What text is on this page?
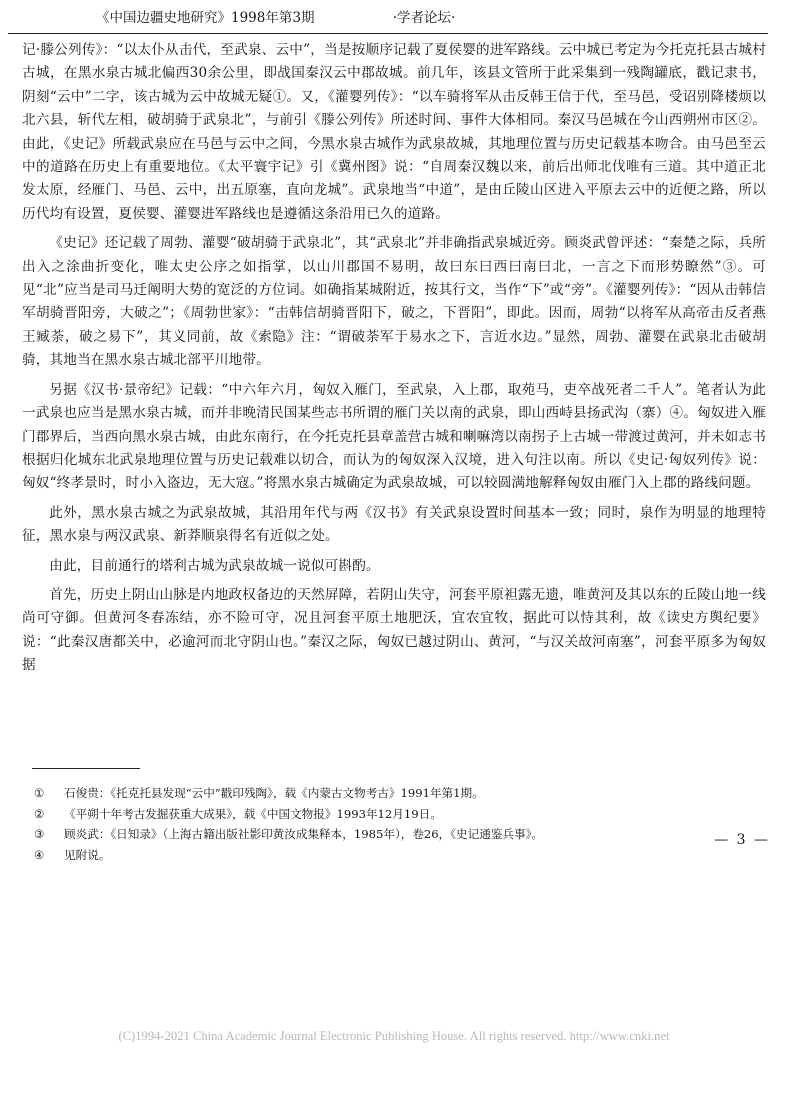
《中国边疆史地研究》1998年第3期	·学者论坛·

记·滕公列传》：“以太仆从击代，至武泉、云中”，当是按顺序记载了夏侯婴的进军路线。云中城已考定为今托克托县古城村古城，在黑水泉古城北偏西30余公里，即战国秦汉云中郡故城。前几年，该县文管所于此采集到一残陶罐底，戳记隶书，阴刻“云中”二字，该古城为云中故城无疑①。又，《灌婴列传》：“以车骑将军从击反韩王信于代，至马邑，受诏别降楼烦以北六县，斩代左相，破胡骑于武泉北”，与前引《滕公列传》所述时间、事件大体相同。秦汉马邑城在今山西朔州市区②。由此，《史记》所载武泉应在马邑与云中之间，今黑水泉古城作为武泉故城，其地理位置与历史记载基本吻合。由马邑至云中的道路在历史上有重要地位。《太平寰宇记》引《冀州图》说：“自周秦汉魏以来，前后出师北伐唯有三道。其中道正北发太原，经雁门、马邑、云中，出五原塞，直向龙城”。武泉地当“中道”，是由丘陵山区进入平原去云中的近便之路，所以历代均有设置，夏侯婴、灌婴进军路线也是遵循这条沿用已久的道路。

《史记》还记载了周勃、灌婴“破胡骑于武泉北”，其“武泉北”并非确指武泉城近旁。顾炎武曾评述：“秦楚之际，兵所出入之涂曲折变化，唯太史公序之如指掌，以山川郡国不易明，故曰东曰西曰南曰北，一言之下而形势瞭然”③。可见“北”应当是司马迁阐明大势的宽泛的方位词。如确指某城附近，按其行文，当作“下”或“旁”。《灌婴列传》：“因从击韩信军胡骑晋阳旁，大破之”；《周勃世家》：“击韩信胡骑晋阳下，破之，下晋阳”，即此。因而，周勃“以将军从高帝击反者燕王臧荼，破之易下”，其义同前，故《索隐》注：“谓破荼军于易水之下，言近水边。”显然，周勃、灌婴在武泉北击破胡骑，其地当在黑水泉古城北部平川地带。

另据《汉书·景帝纪》记载：“中六年六月，匈奴入雁门，至武泉，入上郡，取苑马，吏卒战死者二千人”。笔者认为此一武泉也应当是黑水泉古城，而并非晚清民国某些志书所谓的雁门关以南的武泉，即山西峙县扬武沟（寨）④。匈奴进入雁门郡界后，当西向黑水泉古城，由此东南行，在今托克托县章盖营古城和喇嘛湾以南拐子上古城一带渡过黄河，并未如志书根据归化城东北武泉地理位置与历史记载难以切合，而认为的匈奴深入汉境，进入句注以南。所以《史记·匈奴列传》说：匈奴“终孝景时，时小入盗边，无大寇。”将黑水泉古城确定为武泉故城，可以较圆满地解释匈奴由雁门入上郡的路线问题。

此外，黑水泉古城之为武泉故城，其沿用年代与两《汉书》有关武泉设置时间基本一致；同时，泉作为明显的地理特征，黑水泉与两汉武泉、新莽顺泉得名有近似之处。

由此，目前通行的塔利古城为武泉故城一说似可斟酌。

首先，历史上阴山山脉是内地政权备边的天然屏障，若阴山失守，河套平原袒露无遗，唯黄河及其以东的丘陵山地一线尚可守御。但黄河冬春冻结，亦不险可守，况且河套平原土地肥沃，宜农宜牧，据此可以恃其利，故《读史方舆纪要》说：“此秦汉唐都关中，必逾河而北守阴山也。”秦汉之际，匈奴已越过阴山、黄河，“与汉关故河南塞”，河套平原多为匈奴据

①	石俊贵：《托克托县发现“云中”戳印残陶》，载《内蒙古文物考古》1991年第1期。
②	《平朔十年考古发掘获重大成果》，载《中国文物报》1993年12月19日。
③	顾炎武：《日知录》（上海古籍出版社影印黄汝成集释本，1985年），卷26，《史记通鉴兵事》。
④	见附说。
— 3 —
(C)1994-2021 China Academic Journal Electronic Publishing House. All rights reserved. http://www.cnki.net
